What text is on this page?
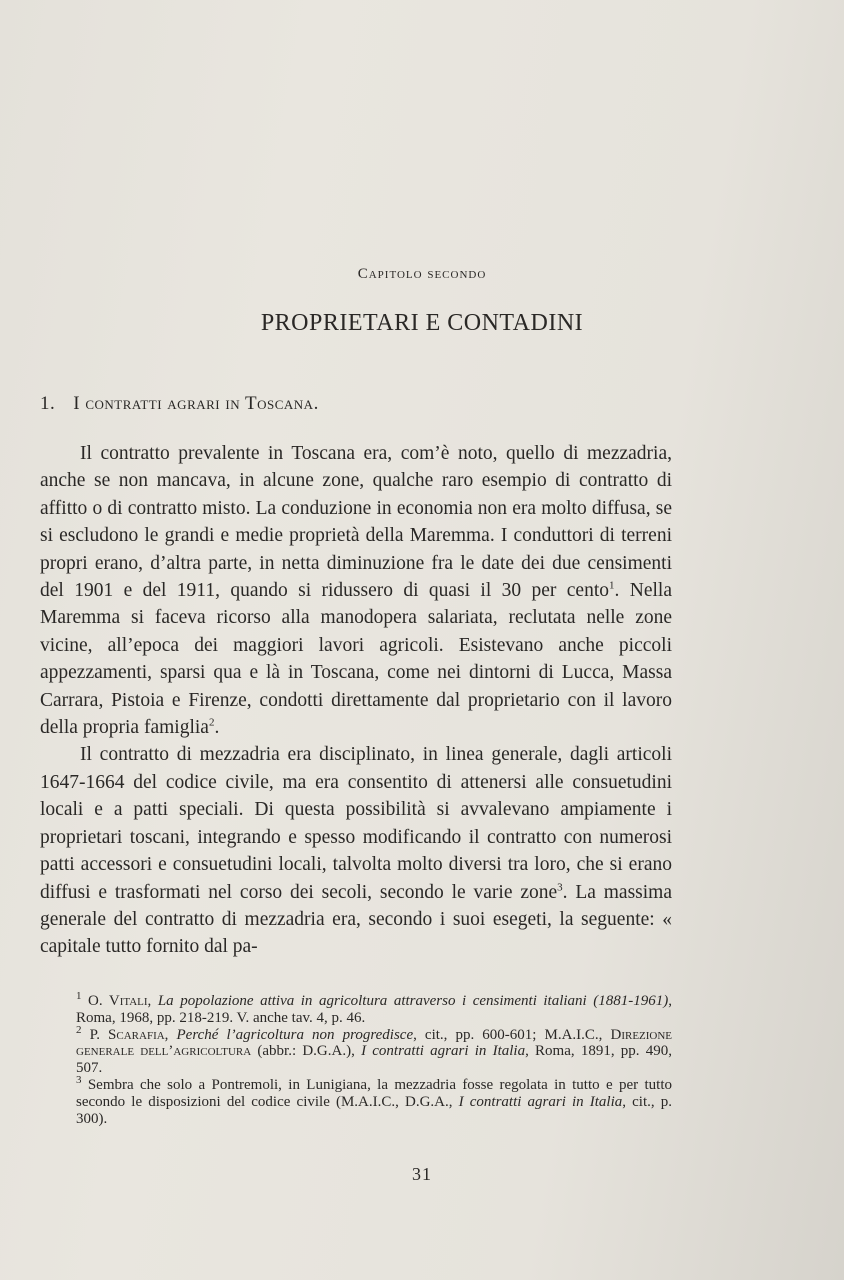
Capitolo secondo
PROPRIETARI E CONTADINI
1. I contratti agrari in Toscana.

Il contratto prevalente in Toscana era, com’è noto, quello di mezzadria, anche se non mancava, in alcune zone, qualche raro esempio di contratto di affitto o di contratto misto. La conduzione in economia non era molto diffusa, se si escludono le grandi e medie proprietà della Maremma. I conduttori di terreni propri erano, d’altra parte, in netta diminuzione fra le date dei due censimenti del 1901 e del 1911, quando si ridussero di quasi il 30 per cento$^1$. Nella Maremma si faceva ricorso alla manodopera salariata, reclutata nelle zone vicine, all’epoca dei maggiori lavori agricoli. Esistevano anche piccoli appezzamenti, sparsi qua e là in Toscana, come nei dintorni di Lucca, Massa Carrara, Pistoia e Firenze, condotti direttamente dal proprietario con il lavoro della propria famiglia$^2$.

Il contratto di mezzadria era disciplinato, in linea generale, dagli articoli 1647-1664 del codice civile, ma era consentito di attenersi alle consuetudini locali e a patti speciali. Di questa possibilità si avvalevano ampiamente i proprietari toscani, integrando e spesso modificando il contratto con numerosi patti accessori e consuetudini locali, talvolta molto diversi tra loro, che si erano diffusi e trasformati nel corso dei secoli, secondo le varie zone$^3$. La massima generale del contratto di mezzadria era, secondo i suoi esegeti, la seguente: « capitale tutto fornito dal pa-

$^1$ O. Vitali, La popolazione attiva in agricoltura attraverso i censimenti italiani (1881-1961), Roma, 1968, pp. 218-219. V. anche tav. 4, p. 46.

$^2$ P. Scarafia, Perché l’agricoltura non progredisce, cit., pp. 600-601; M.A.I.C., Direzione generale dell’agricoltura (abbr.: D.G.A.), I contratti agrari in Italia, Roma, 1891, pp. 490, 507.

$^3$ Sembra che solo a Pontremoli, in Lunigiana, la mezzadria fosse regolata in tutto e per tutto secondo le disposizioni del codice civile (M.A.I.C., D.G.A., I contratti agrari in Italia, cit., p. 300).

31
